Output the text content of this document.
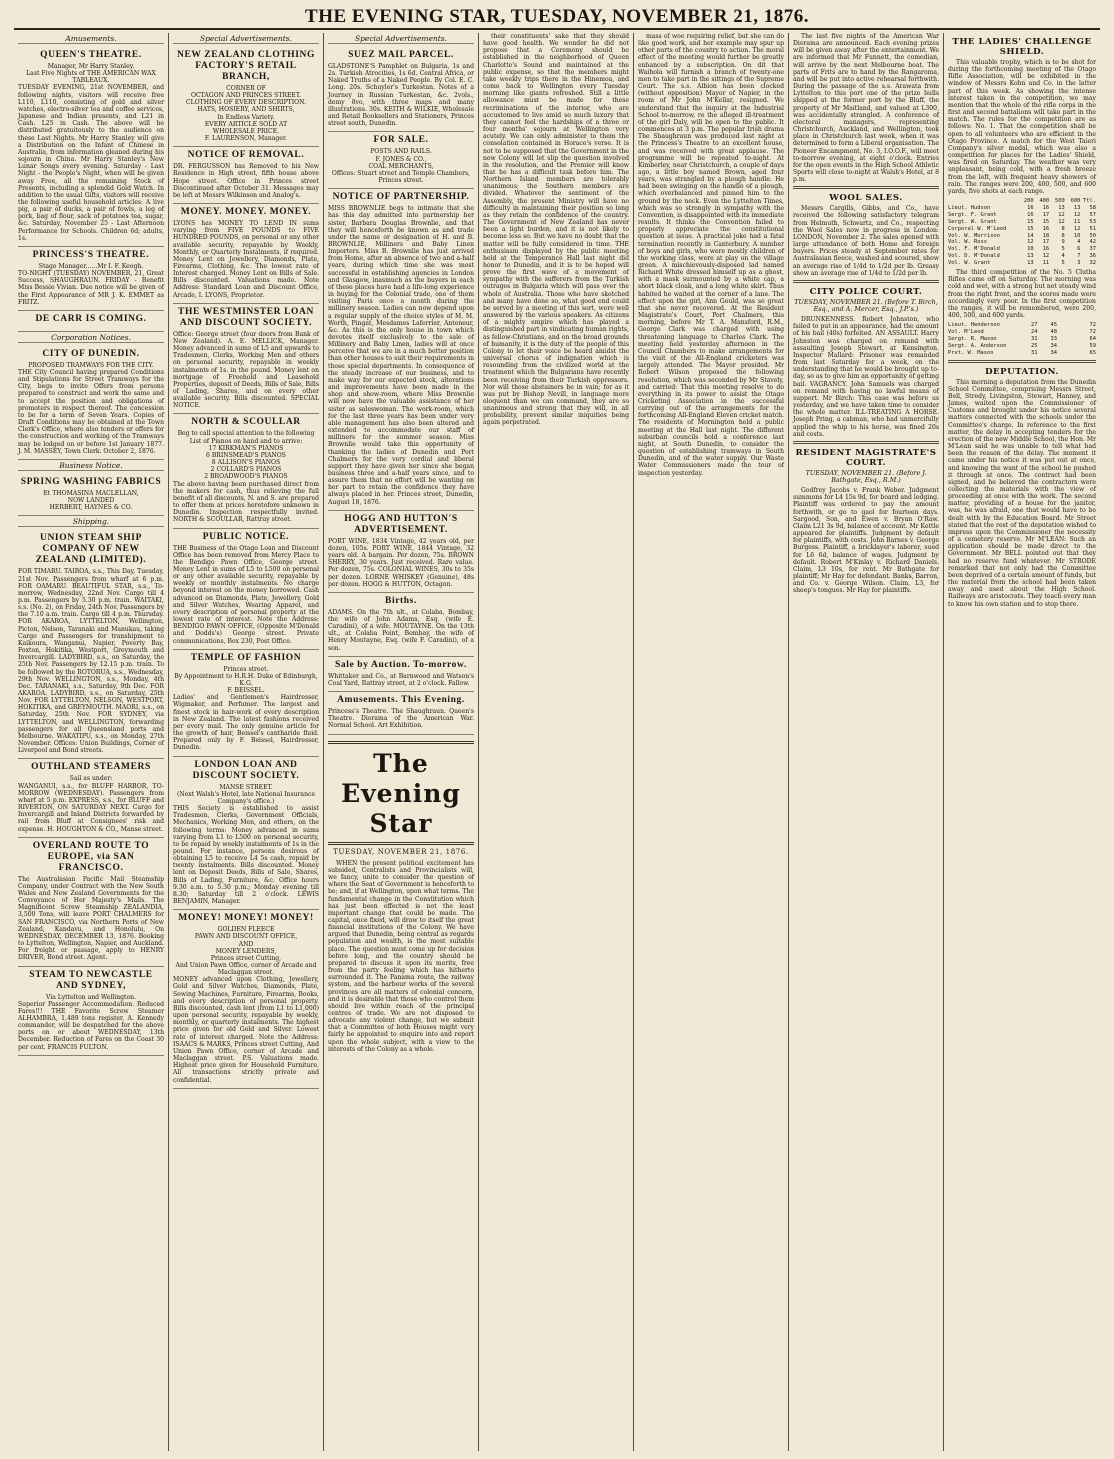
THE EVENING STAR, TUESDAY, NOVEMBER 21, 1876.
Amusements.
QUEEN'S THEATRE.
Manager, Mr Harry Stanley.
Last Five Nights of THE AMERICAN WAX TABLEAUX.
TUESDAY EVENING, 21st NOVEMBER, and following nights, visitors will receive free L110, L110, consisting of gold and silver watches, electro-silver tea and coffee services, Japanese and Indian presents, and L21 in Cash. L25 in Cash. The above will be distributed gratuitously to the audience on these Last Nights. Mr Harry Stanley will give a Distribution on the Infant of Chinese in Australia, from information gleaned during his sojourn in China. Mr Harry Stanley's New Lunar Songs every evening. Saturday - Last Night - the People's Night, when will be given away Free, all the remaining Stock of Presents, including a splendid Gold Watch. In addition to the usual Gifts, visitors will receive the following useful household articles: A live pig, a pair of ducks, a pair of fowls, a leg of pork, bag of flour, sack of potatoes tea, sugar, &c. Saturday, November 25 - Last Afternoon Performance for Schools. Children 6d; adults, 1s.
PRINCESS'S THEATRE.
Stage Manager......Mr I. F. Keogh.
TO-NIGHT (TUESDAY) NOVEMBER, 21, Great Success, SHAUGHRAUN. FRIDAY - Benefit Miss Bessie Vivian. Due notice will be given of the First Appearance of MR J. K. EMMET as FRITZ.
DE CARR IS COMING.
Corporation Notices.
CITY OF DUNEDIN.
PROPOSED TRAMWAYS FOR THE CITY.
THE City Council having prepared Conditions and Stipulations for Street Tramways for the City, begs to invite Offers from persons prepared to construct and work the same and to accept the position and obligations of promoters in respect thereof. The concession to be for a term of Seven Years. Copies of Draft Conditions may be obtained at the Town Clerk's Office, where also tenders or offers for the construction and working of the Tramways may be lodged on or before 1st January 1877. J. M. MASSEY, Town Clerk. October 2, 1876.
Business Notice.
SPRING WASHING FABRICS
Et THOMASINA MACLELLAN,
NOW LANDED
HERBERT, HAYNES & CO.
Shipping.
UNION STEAM SHIP COMPANY OF NEW ZEALAND (LIMITED).
FOR TIMARU. TAIROA, s.s., This Day, Tuesday, 21st Nov. Passengers from wharf at 6 p.m. FOR OAMARU. BEAUTIFUL STAR, s.s., To-morrow, Wednesday, 22nd Nov. Cargo till 4 p.m. Passengers by 5.30 p.m. train. WAITAKI, s.s. (No. 2), on Friday, 24th Nov. Passengers by the 7.10 a.m. train. Cargo till 4 p.m. Thursday. FOR AKAROA, LYTTELTON, Wellington, Picton, Nelson, Taranaki and Manukau, taking Cargo and Passengers for transhipment to Kaikoura, Wanganui, Napier, Poverty Bay, Foxton, Hokitika, Westport, Greymouth and Invercargill. LADYBIRD, s.s., on Saturday, the 25th Nov. Passengers by 12.15 p.m. train. To be followed by the ROTORUA, s.s., Wednesday, 29th Nov. WELLINGTON, s.s., Monday, 4th Dec. TARANAKI, s.s., Saturday, 9th Dec. FOR AKAROA. LADYBIRD, s.s., on Saturday, 25th Nov. FOR LYTTELTON, NELSON, WESTPORT, HOKITIKA, and GREYMOUTH. MAORI, s.s., on Saturday, 25th Nov. FOR SYDNEY, via LYTTELTON, and WELLINGTON, forwarding passengers for all Queensland ports and Melbourne. WAKATIPU, s.s., on Monday, 27th November. Offices: Union Buildings, Corner of Liverpool and Bond streets.
OUTHLAND STEAMERS
Sail as under:
WANGANUI, s.s., for BLUFF HARBOR, TO-MORROW (WEDNESDAY). Passengers from wharf at 5 p.m. EXPRESS, s.s., for BLUFF and RIVERTON, ON SATURDAY NEXT. Cargo for Invercargill and Inland Districts forwarded by rail from Bluff at Consignees' risk and expense. H. HOUGHTON & CO., Manse street.
OVERLAND ROUTE TO EUROPE, via SAN FRANCISCO.
The Australasian Pacific Mail Steamship Company, under Contract with the New South Wales and New Zealand Governments for the Conveyance of Her Majesty's Mails. The Magnificent Screw Steamship ZEALANDIA, 3,500 Tons, will leave PORT CHALMERS for SAN FRANCISCO, via Northern Ports of New Zealand, Kandavu, and Honolulu, On WEDNESDAY, DECEMBER 13, 1876. Booking to Lyttelton, Wellington, Napier, and Auckland. For freight or passage, apply to HENRY DRIVER, Bond street. Agent.
STEAM TO NEWCASTLE AND SYDNEY,
Via Lyttelton and Wellington.
Superior Passenger Accommodation. Reduced Fares!!! THE Favorite Screw Steamer ALHAMBRA, 1,489 tons register, A. Kennedy commander, will be despatched for the above ports on or about WEDNESDAY, 13th December. Reduction of Fares on the Coast 30 per cent. FRANCIS FULTON.
Special Advertisements.
NEW ZEALAND CLOTHING FACTORY'S RETAIL BRANCH,
CORNER OF
OCTAGON AND PRINCES STREET.
CLOTHING OF EVERY DESCRIPTION.
HATS, HOSIERY, AND SHIRTS,
In Endless Variety.
EVERY ARTICLE SOLD AT
WHOLESALE PRICE.
F. LAURENSON, Manager.
NOTICE OF REMOVAL.
DR. FERGUSSON has Removed to his New Residence in High street, fifth house above Hope street. Office in Princes street Discontinued after October 31. Messages may be left at Messrs Wilkinson and Analog's.
MONEY. MONEY. MONEY.
LYONS has MONEY TO LEND IN sums varying from FIVE POUNDS to FIVE HUNDRED POUNDS, on personal or any other available security, repayable by Weekly, Monthly, or Quarterly Instalments, if required. Money Lent on Jewellery, Diamonds, Plate, Firearms, Clothing, &c. The lowest rate of Interest charged. Money Lent on Bills of Sale. Bills discounted. Valuations made. Note Address: Standard Loan and Discount Office, Arcade, I. LYONS, Proprietor.
THE WESTMINSTER LOAN AND DISCOUNT SOCIETY.
Office: George street (four doors from Bank of New Zealand). A. E. MELLICK, Manager. Money advanced in sums of L5 and upwards to Tradesmen, Clerks, Working Men and others on personal security, repayable in weekly instalments of 1s. in the pound. Money lent on mortgage of Freehold and Leasehold Properties, deposit of Deeds, Bills of Sale, Bills of Lading, Shares, and on every other available security. Bills discounted. SPECIAL NOTICE.
NORTH & SCOULLAR
Beg to call special attention to the following List of Pianos on hand and to arrive:
17 KIRKMAN'S PIANOS
6 BRINSMEAD'S PIANOS
8 ALLISON'S PIANOS
2 COLLARD'S PIANOS
2 BROADWOOD'S PIANOS
The above having been purchased direct from the makers for cash, thus relieving the full benefit of all discounts, N. and S. are prepared to offer them at prices heretofore unknown in Dunedin. Inspection respectfully invited. NORTH & SCOULLAR, Rattray street.
PUBLIC NOTICE.
THE Business of the Otago Loan and Discount Office has been removed from Mercy Place to the Bendigo Pawn Office, George street. Money Lent in sums of L5 to L500 on personal or any other available security, repayable by weekly or monthly instalments. No charge beyond interest on the money borrowed. Cash advanced on Diamonds, Plate, Jewellery, Gold and Silver Watches, Wearing Apparel, and every description of personal property at the lowest rate of interest. Note the Address: BENDIGO PAWN OFFICE, (Opposite M'Donald and Dodds's) George street. Private communications, Box 230, Post Office.
TEMPLE OF FASHION
Princes street.
By Appointment to H.R.H. Duke of Edinburgh, K.G.
F. BEISSEL.
Ladies' and Gentlemen's Hairdresser, Wigmaker, and Perfumer. The largest and finest stock in hair-work of every description in New Zealand. The latest fashions received per every mail. The only genuine article for the growth of hair, Beissel's cantharide fluid. Prepared only by F. Beissel, Hairdresser, Dunedin.
LONDON LOAN AND DISCOUNT SOCIETY.
MANSE STREET.
(Next Walsh's Hotel, late National Insurance Company's office.)
THIS Society is established to assist Tradesmen, Clerks, Government Officials, Mechanics, Working Men, and others, on the following terms: Money advanced in sums varying from L1 to L500 on personal security, to be repaid by weekly instalments of 1s in the pound. For instance, persons desirous of obtaining L5 to receive L4 5s cash, repaid by twenty instalments. Bills discounted. Money lent on Deposit Deeds, Bills of Sale, Shares, Bills of Lading, Furniture, &c. Office hours 9.30 a.m. to 5.30 p.m.; Monday evening till 8.30; Saturday till 2 o'clock. LEWIS BENJAMIN, Manager.
MONEY! MONEY! MONEY!
GOLDEN FLEECE
PAWN AND DISCOUNT OFFICE,
AND
MONEY LENDERS,
Princes street Cutting,
And Union Pawn Office, corner of Arcade and Maclaggan street.
MONEY advanced upon Clothing, Jewellery, Gold and Silver Watches, Diamonds, Plate, Sewing Machines, Furniture, Firearms, Books, and every description of personal property. Bills discounted, cash lent (from L1 to L1,000) upon personal security, repayable by weekly, monthly, or quarterly instalments. The highest price given for old Gold and Silver. Lowest rate of interest charged. Note the Address: ISAACS & MARKS, Princes street Cutting, And Union Pawn Office, corner of Arcade and Maclaggan street. P.S. Valuations made. Highest price given for Household Furniture. All transactions strictly private and confidential.
Special Advertisements.
SUEZ MAIL PARCEL.
GLADSTONE'S Pamphlet on Bulgaria, 1s and 2s. Turkish Atrocities, 1s 6d. Central Africa, or Naked Truths of a Naked People. By Col. E. C. Long. 20s. Schuyler's Turkestan. Notes of a Journey in Russian Turkestan, &c. 2vols., demy 8vo, with three maps and many illustrations. 30s. KEITH & WILKIE, Wholesale and Retail Booksellers and Stationers, Princes street south, Dunedin.
FOR SALE.
POSTS AND RAILS.
F. JONES & CO.,
COAL MERCHANTS,
Offices: Stuart street and Temple Chambers, Princes street.
NOTICE OF PARTNERSHIP.
MISS BROWNLIE begs to intimate that she has this day admitted into partnership her sister, Barbara Douglas Brownlie, and that they will henceforth be known as and trade under the name or designation of H. and B. BROWNLIE, Milliners and Baby Linen Importers. Miss B. Brownlie has just arrived from Home, after an absence of two and a-half years, during which time she was most successful in establishing agencies in London and Glasgow, inasmuch as the buyers in each of these places have had a life-long experience in buying for the Colonial trade, one of them visiting Paris once a month during the millinery season. Ladies can now depend upon a regular supply of the choice styles of M. M. Worth, Pingat, Mesdames Laferrier, Anteneur, &c. As this is the only house in town which devotes itself exclusively to the sale of Millinery and Baby Linen, ladies will at once perceive that we are in a much better position than other houses to suit their requirements in those special departments. In consequence of the steady increase of our business, and to make way for our expected stock, alterations and improvements have been made in the shop and show-room, where Miss Brownlie will now have the valuable assistance of her sister as saleswoman. The work-room, which for the last three years has been under very able management has also been altered and extended to accommodate our staff of milliners for the summer season. Miss Brownlie would take this opportunity of thanking the ladies of Dunedin and Port Chalmers for the very cordial and liberal support they have given her since she began business three and a-half years since, and to assure them that no effort will be wanting on her part to retain the confidence they have always placed in her. Princes street, Dunedin, August 18, 1876.
HOGG AND HUTTON'S ADVERTISEMENT.
PORT WINE, 1834 Vintage, 42 years old, per dozen, 105s. PORT WINE, 1844 Vintage, 32 years old. A bargain. Per dozen, 75s. BROWN SHERRY, 30 years. Just received. Rare value. Per dozen, 75s. COLONIAL WINES, 30s to 35s per dozen. LORNE WHISKEY (Genuine), 48s per dozen. HOGG & HUTTON, Octagon.
Births.
ADAMS. On the 7th ult., at Colaba, Bombay, the wife of John Adams, Esq. (wife E. Caradini), of a wife. MOUTAYNE. On the 13th ult., at Colaba Point, Bombay, the wife of Henry Moutayne, Esq. (wife F. Caradini), of a son.
Sale by Auction. To-morrow.
Whittaker and Co., at Barnwood and Watson's Coal Yard, Rattray street, at 2 o'clock. Fallow.
Amusements. This Evening.
Princess's Theatre. The Shaughraun. Queen's Theatre. Diorama of the American War. Normal School. Art Exhibition.
The Evening Star
TUESDAY, NOVEMBER 21, 1876.

WHEN the present political excitement has subsided, Centralists and Provincialists will, we fancy, unite to consider the question of where the Seat of Government is henceforth to be; and, if at Wellington, upon what terms. The fundamental change in the Constitution which has just been effected is not the least important change that could be made. The capital, once fixed, will draw to itself the great financial institutions of the Colony. We have argued that Dunedin, being central as regards population and wealth, is the most suitable place. The question must come up for decision before long, and the country should be prepared to discuss it upon its merits, free from the party feeling which has hitherto surrounded it. The Panama route, the railway system, and the harbour works of the several provinces are all matters of colonial concern, and it is desirable that those who control them should live within reach of the principal centres of trade. We are not disposed to advocate any violent change, but we submit that a Committee of both Houses might very fairly be appointed to enquire into and report upon the whole subject, with a view to the interests of the Colony as a whole.

their constituents' sake that they should have good health. We wonder he did not propose that a Ceremony should be established in the neighborhood of Queen Charlotte's Sound and maintained at the public expense, so that the members might take weekly trips there in the Hinemoa, and come back to Wellington every Tuesday morning like giants refreshed. Still a little allowance must be made for these recriminations of the interior, who are accustomed to live amid so much luxury that they cannot feel the hardships of a three or four months' sojourn at Wellington very acutely. We can only administer to them the consolation contained in Horace's verse. It is not to be supposed that the Government in the new Colony will let slip the question involved in the resolution, and the Premier will know that he has a difficult task before him. The Northern Island members are tolerably unanimous; the Southern members are divided. Whatever the sentiment of the Assembly, the present Ministry will have no difficulty in maintaining their position so long as they retain the confidence of the country. The Government of New Zealand has never been a light burden, and it is not likely to become less so. But we have no doubt that the matter will be fully considered in time. THE enthusiasm displayed by the public meeting held at the Temperance Hall last night did honor to Dunedin, and it is to be hoped will prove the first wave of a movement of sympathy with the sufferers from the Turkish outrages in Bulgaria which will pass over the whole of Australia. Those who have sketched and many have done so, what good end could be served by a meeting of this sort, were well answered by the various speakers. As citizens of a mighty empire which has played a distinguished part in vindicating human rights, as fellow-Christians, and on the broad grounds of humanity, it is the duty of the people of this Colony to let their voice be heard amidst the universal chorus of indignation which is resounding from the civilized world at the treatment which the Bulgarians have recently been receiving from their Turkish oppressors. Nor will those abstainers be in vain; for as it was put by Bishop Nevill, in language more eloquent than we can command, they are so unanimous and strong that they will, in all probability, prevent similar iniquities being again perpetrated.

mass of woe requiring relief, but she can do like good work, and her example may spur up other parts of the country to action. The moral effect of the meeting would further be greatly enhanced by a subscription. On dit that Waihola will furnish a branch of twenty-one men to take part in the sittings of the Supreme Court. The s.s. Albion has been clocked (without opposition) Mayor of Napier, in the room of Mr John M'Kellar, resigned. We understand that the inquiry at the Industrial School to-morrow, re the alleged ill-treatment of the girl Daly, will be open to the public. It commences at 3 p.m. The popular Irish drama The Shaughraun was produced last night at the Princess's Theatre to an excellent house, and was received with great applause. The programme will be repeated to-night. At Kimberley, near Christchurch, a couple of days ago, a little boy named Brown, aged four years, was strangled by a plough handle. He had been swinging on the handle of a plough, which overbalanced and pinned him to the ground by the neck. Even the Lyttelton Times, which was so strongly in sympathy with the Convention, is disappointed with its immediate results. It thinks the Convention failed to properly appreciate the constitutional question at issue. A practical joke had a fatal termination recently in Canterbury. A number of boys and girls, who were mostly children of the working class, were at play on the village green. A mischievously-disposed lad named Richard White dressed himself up as a ghost, with a mask surmounted by a white cap, a short black cloak, and a long white skirt. Thus habited he waited at the corner of a lane. The effect upon the girl, Ann Gould, was so great that she never recovered. At the Resident Magistrate's Court, Port Chalmers, this morning, before Mr T. A. Mansford, R.M., George Clark was charged with using threatening language to Charles Clark. The meeting held yesterday afternoon in the Council Chambers to make arrangements for the visit of the All-England cricketers was largely attended. The Mayor presided. Mr Robert Wilson proposed the following resolution, which was seconded by Mr Stavely, and carried: That this meeting resolve to do everything in its power to assist the Otago Cricketing Association in the successful carrying out of the arrangements for the forthcoming All-England Eleven cricket match. The residents of Mornington held a public meeting at the Hall last night. The different suburban councils hold a conference last night, at South Dunedin, to consider the question of establishing tramways in South Dunedin, and of the water supply. Our Waste Water Commissioners made the tour of inspection yesterday.

The last five nights of the American War Diorama are announced. Each evening prizes will be given away after the entertainment. We are informed that Mr Funnett, the comedian, will arrive by the next Melbourne boat. The parts of Frits are to hand by the Rangaroma, and will be put into active rehearsal forthwith. During the passage of the s.s. Arawata from Lyttelton to this port one of the prize bulls shipped at the former port by the Bluff, the property of Mr Maitland, and valued at L300, was accidentally strangled. A conference of electoral managers, representing Christchurch, Auckland, and Wellington, took place in Christchurch last week, when it was determined to form a Liberal organisation. The Pioneer Encampment, No. 3, I.O.O.F., will meet to-morrow evening, at eight o'clock. Entries for the open events in the High School Athletic Sports will close to-night at Walsh's Hotel, at 8 p.m.

WOOL SALES.

Messrs Cargills, Gibbs, and Co., have received the following satisfactory telegram from Helmuth, Schwartz, and Co., respecting the Wool Sales now in progress in London: LONDON, November 2. The sales opened with large attendance of both Home and foreign buyers. Prices steady at September rates for Australasian fleece, washed and scoured, show an average rise of 1/4d to 1/2d per lb. Greasy show an average rise of 1/4d to 1/2d per lb.

CITY POLICE COURT.
TUESDAY, NOVEMBER 21. (Before T. Birch, Esq., and A. Mercer, Esq., J.P.'s.)

DRUNKENNESS. Robert Johnston, who failed to put in an appearance, had the amount of his bail (40s) forfeited. AN ASSAULT. Harry Johnston was charged on remand with assaulting Joseph Stewart, at Kensington. Inspector Mallard: Prisoner was remanded from last Saturday for a week, on the understanding that he would be brought up to-day, so as to give him an opportunity of getting bail. VAGRANCY. John Samuels was charged on remand with having no lawful means of support. Mr Birch: This case was before us yesterday, and we have taken time to consider the whole matter. ILL-TREATING A HORSE. Joseph Pring, a cabman, who had unmercifully applied the whip to his horse, was fined 20s and costs.

RESIDENT MAGISTRATE'S COURT.
TUESDAY, NOVEMBER 21. (Before J. Bathgate, Esq., R.M.)

Godfrey Jacobs v. Frank Weber. Judgment summons for L4 15s 9d, for board and lodging. Plaintiff was ordered to pay the amount forthwith, or go to gaol for fourteen days. Sargood, Son, and Ewen v. Bryan O'Raw. Claim L21 3s 9d, balance of account. Mr Kettle appeared for plaintiffs. Judgment by default for plaintiffs, with costs. John Barnes v. George Burgess. Plaintiff, a bricklayer's laborer, sued for L6 6d, balance of wages. Judgment by default. Robert M'Kinlay v. Richard Daniels. Claim, L3 10s, for rent. Mr Bathgate for plaintiff; Mr Hay for defendant. Banks, Barron, and Co. v. George Wilson. Claim, L3, for sheep's tongues. Mr Hay for plaintiffs.

THE LADIES' CHALLENGE SHIELD.

This valuable trophy, which is to be shot for during the forthcoming meeting of the Otago Rifle Association, will be exhibited in the window of Messrs Kohn and Co. in the latter part of this week. As showing the intense interest taken in the competition, we may mention that the whole of the rifle corps in the first and second battalions will take part in the match. The rules for the competition are as follows: No. 1. That the competition shall be open to all volunteers who are efficient in the Otago Province. A match for the West Taieri Company's silver medal, which was also a competition for places for the Ladies' Shield, was fired on Saturday. The weather was very unpleasant, being cold, with a fresh breeze from the left, with frequent heavy showers of rain. The ranges were 200, 400, 500, and 600 yards, five shots at each range.

200	400	500	600 Ttl.
Lieut. Hudson	16	16	13	13	58
Sergt. F. Grant	16	17	12	12	57
Sergt. W. Grant	15	15	12	11	53
Corporal W. M'Leod	15	16	8	12	51
Vol. W. Morrison	14	18	8	10	50
Vol. W. Ross	12	17	9	4	42
Vol. F. M'Donald	10	16	5	6	37
Vol. D. M'Donald	13	12	4	7	36
Vol. W. Grant	13	11	5	3	32

The third competition of the No. 5 Clutha Rifles came off on Saturday. The morning was cold and wet, with a strong but not steady wind from the right front, and the scores made were accordingly very poor. In the first competition the ranges, it will be remembered, were 200, 400, 500, and 600 yards.

Lieut. Henderson	27	45	72
Vol. M'Leod	24	48	72
Sergt. R. Mason	31	33	64
Sergt. A. Anderson	25	34	59
Prvt. W. Mason	31	34	65
DEPUTATION.

This morning a deputation from the Dunedin School Committee, comprising Messrs Street, Bell, Stredy, Livingston, Stewart, Hanney, and James, waited upon the Commissioner of Customs and brought under his notice several matters connected with the schools under the Committee's charge. In reference to the first matter, the delay in accepting tenders for the erection of the new Middle School, the Hon. Mr M'Lean said he was unable to tell what had been the reason of the delay. The moment it came under his notice it was put out at once, and knowing the want of the school he pushed it through at once. The contract had been signed, and he believed the contractors were collecting the materials with the view of proceeding at once with the work. The second matter, providing of a house for the janitor, was, he was afraid, one that would have to be dealt with by the Education Board. Mr Street stated that the rest of the deputation wished to impress upon the Commissioner the necessity of a cemetery reserve. Mr M'LEAN: Such an application should be made direct to the Government. Mr BELL pointed out that they had no reserve fund whatever. Mr STRODE remarked that not only had the Committee been deprived of a certain amount of funds, but the material from the school had been taken away and used about the High School. Railways are aristocrats. They teach every man to know his own station and to stop there.
